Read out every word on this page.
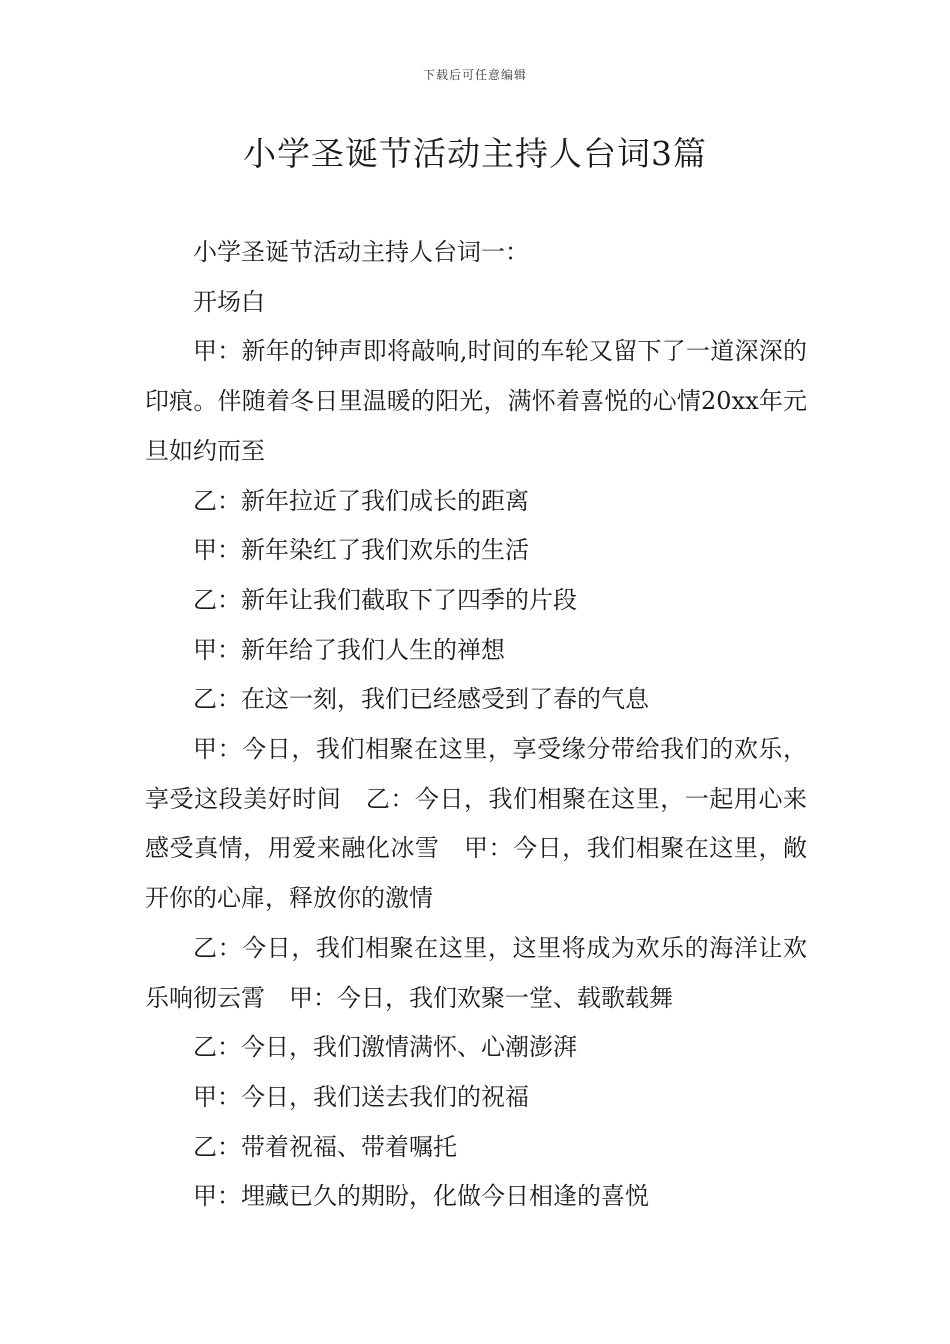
下载后可任意编辑
小学圣诞节活动主持人台词3篇

小学圣诞节活动主持人台词一：

开场白

甲：新年的钟声即将敲响,时间的车轮又留下了一道深深的印痕。伴随着冬日里温暖的阳光，满怀着喜悦的心情20xx年元旦如约而至

乙：新年拉近了我们成长的距离

甲：新年染红了我们欢乐的生活

乙：新年让我们截取下了四季的片段

甲：新年给了我们人生的禅想

乙：在这一刻，我们已经感受到了春的气息

甲：今日，我们相聚在这里，享受缘分带给我们的欢乐，享受这段美好时间　乙：今日，我们相聚在这里，一起用心来感受真情，用爱来融化冰雪　甲：今日，我们相聚在这里，敞开你的心扉，释放你的激情

乙：今日，我们相聚在这里，这里将成为欢乐的海洋让欢乐响彻云霄　甲：今日，我们欢聚一堂、载歌载舞

乙：今日，我们激情满怀、心潮澎湃

甲：今日，我们送去我们的祝福

乙：带着祝福、带着嘱托

甲：埋藏已久的期盼，化做今日相逢的喜悦
